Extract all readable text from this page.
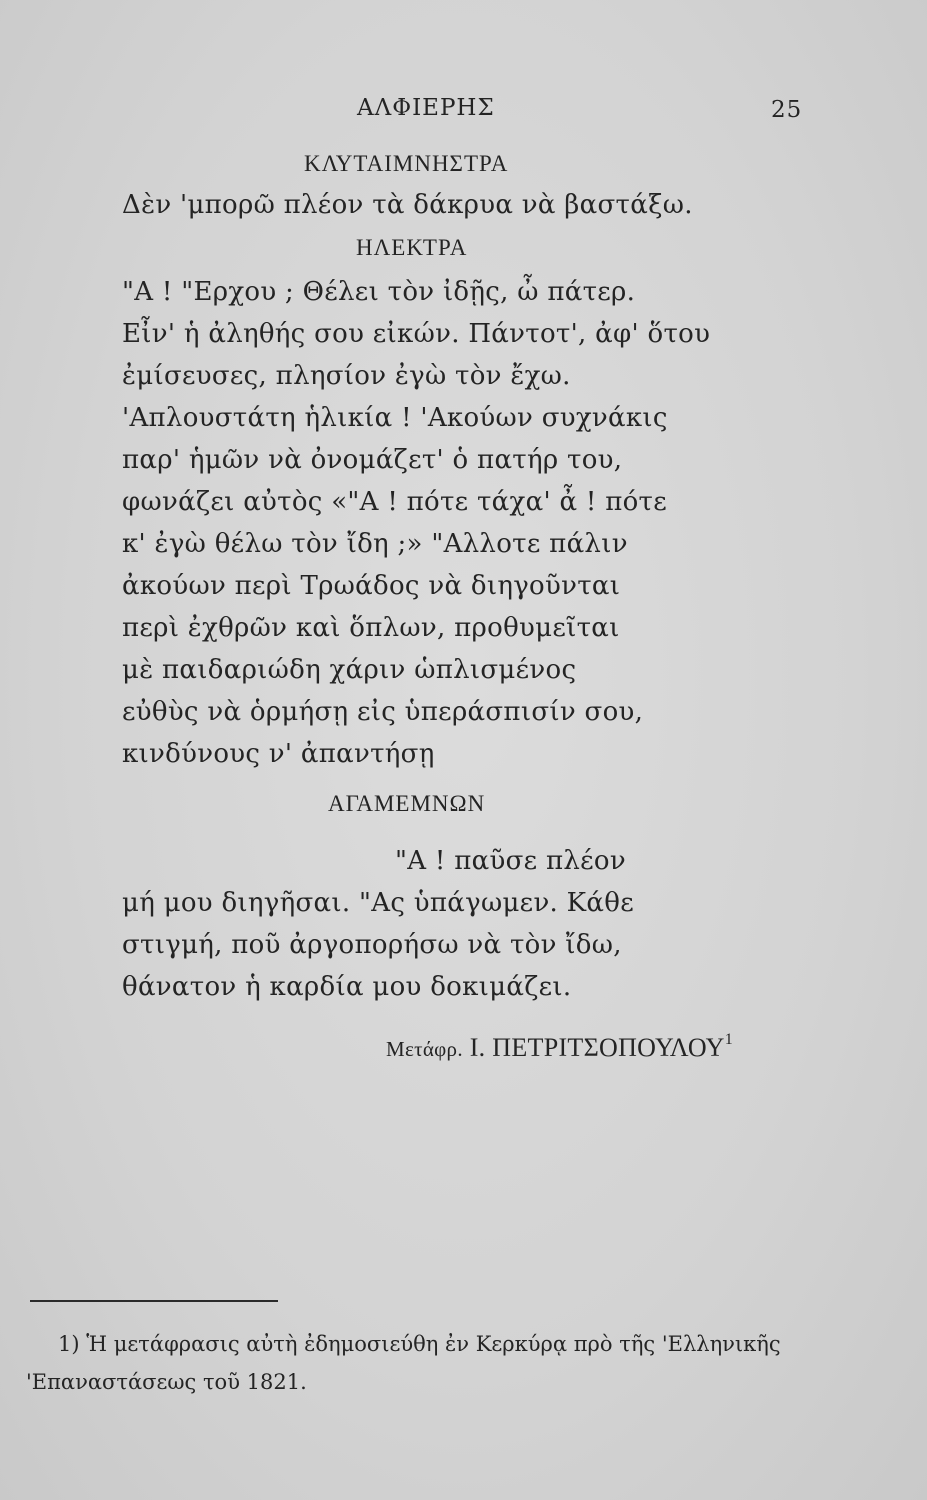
ΑΛΦΙΕΡΗΣ	25
ΚΛΥΤΑΙΜΝΗΣΤΡΑ
Δὲν 'μπορῶ πλέον τὰ δάκρυα νὰ βαστάξω.
ΗΛΕΚΤΡΑ
"Α ! "Ερχου ; Θέλει τὸν ἰδῇς, ὦ πάτερ.
Εἶν' ἡ ἀληθής σου εἰκών. Πάντοτ', ἀφ' ὅτου
ἐμίσευσες, πλησίον ἐγὼ τὸν ἔχω.
'Απλουστάτη ἡλικία ! 'Ακούων συχνάκις
παρ' ἡμῶν νὰ ὀνομάζετ' ὁ πατήρ του,
φωνάζει αὐτὸς «"Α ! πότε τάχα' ἆ ! πότε
κ' ἐγὼ θέλω τὸν ἴδη ;» "Αλλοτε πάλιν
ἀκούων περὶ Τρωάδος νὰ διηγοῦνται
περὶ ἐχθρῶν καὶ ὅπλων, προθυμεῖται
μὲ παιδαριώδη χάριν ὡπλισμένος
εὐθὺς νὰ ὁρμήσῃ εἰς ὑπεράσπισίν σου,
κινδύνους ν' ἀπαντήσῃ
ΑΓΑΜΕΜΝΩΝ
"Α ! παῦσε πλέον
μή μου διηγῆσαι. "Ας ὑπάγωμεν. Κάθε
στιγμή, ποῦ ἀργοπορήσω νὰ τὸν ἴδω,
θάνατον ἡ καρδία μου δοκιμάζει.
Μετάφρ. Ι. ΠΕΤΡΙΤΣΟΠΟΥΛΟΥ$^1$
1) Ἡ μετάφρασις αὐτὴ ἐδημοσιεύθη ἐν Κερκύρᾳ πρὸ τῆς 'Ελληνικῆς
'Επαναστάσεως τοῦ 1821.
